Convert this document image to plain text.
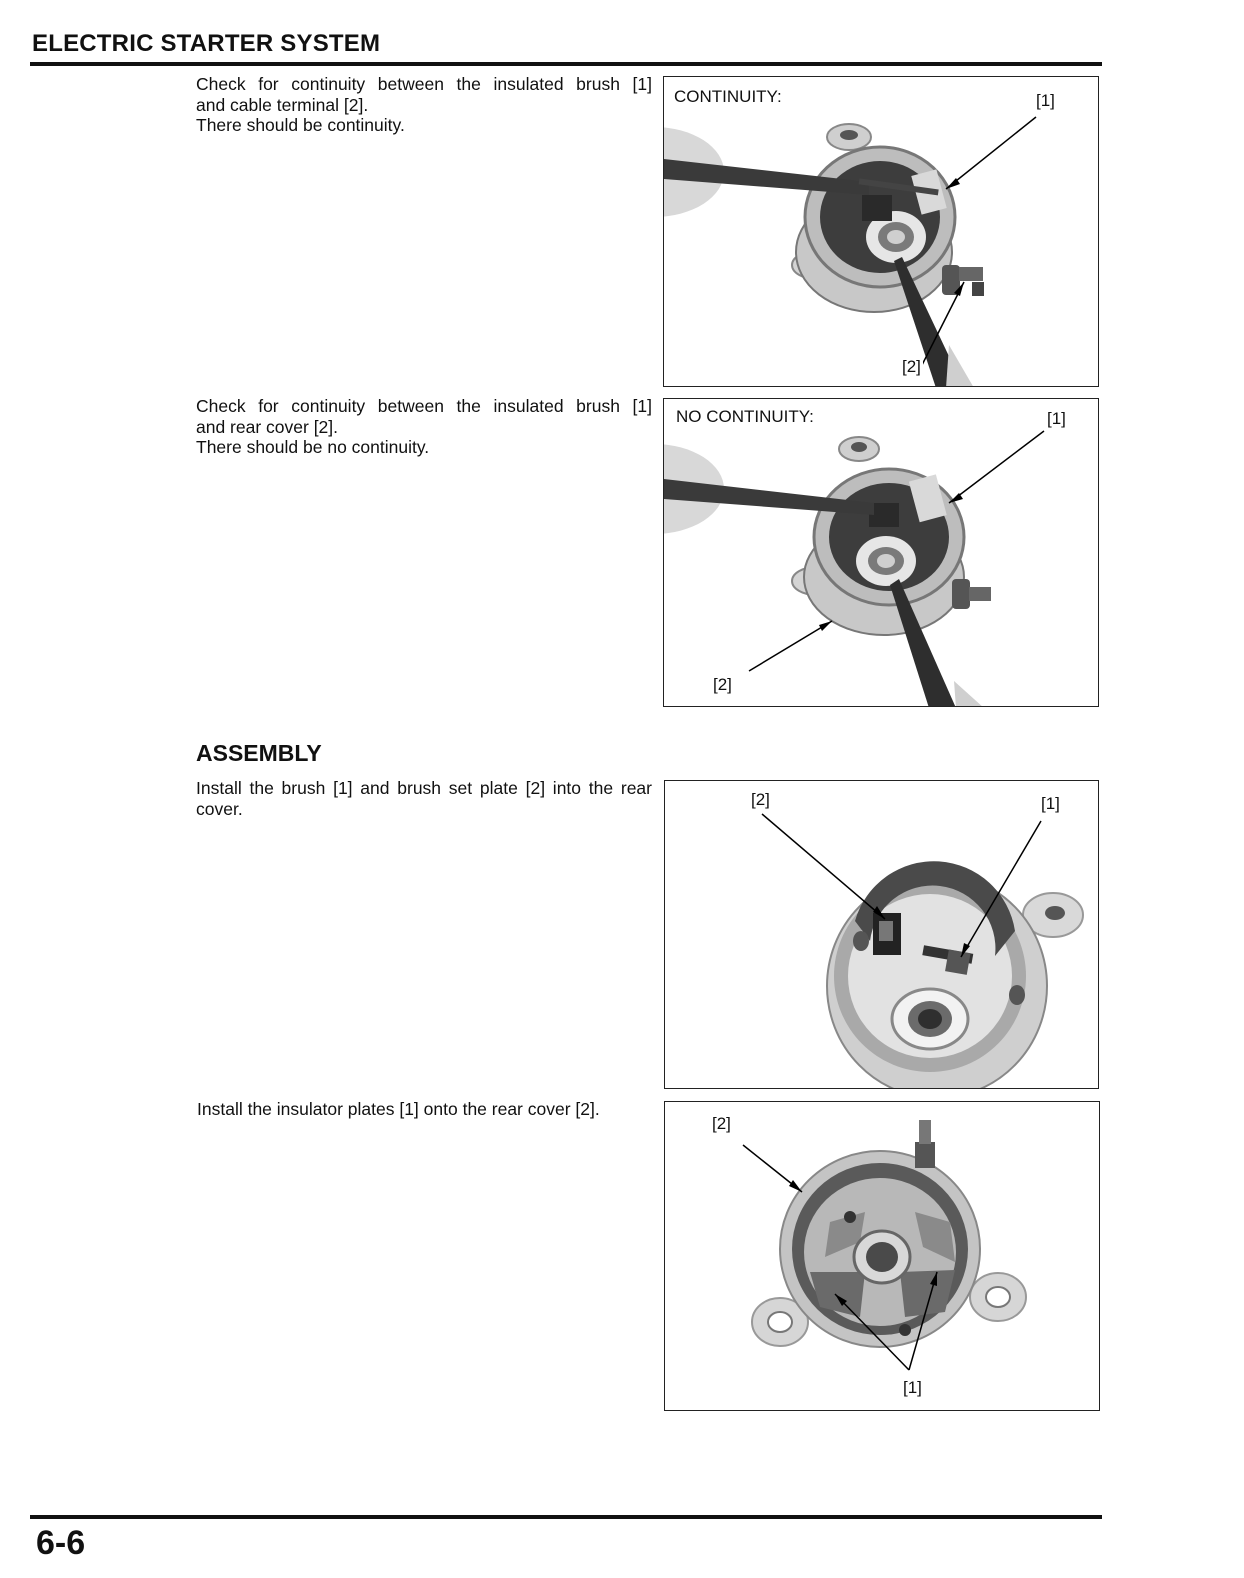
ELECTRIC STARTER SYSTEM

Check for continuity between the insulated brush [1]

and cable terminal [2].

There should be continuity.

CONTINUITY:	[1]
[2]

Check for continuity between the insulated brush [1]

and rear cover [2].

There should be no continuity.

NO CONTINUITY:	[1]
[2]
ASSEMBLY

Install the brush [1] and brush set plate [2] into the rear

cover.	[2]	[1]

Install the insulator plates [1] onto the rear cover [2].

[2]
[1]
6-6
